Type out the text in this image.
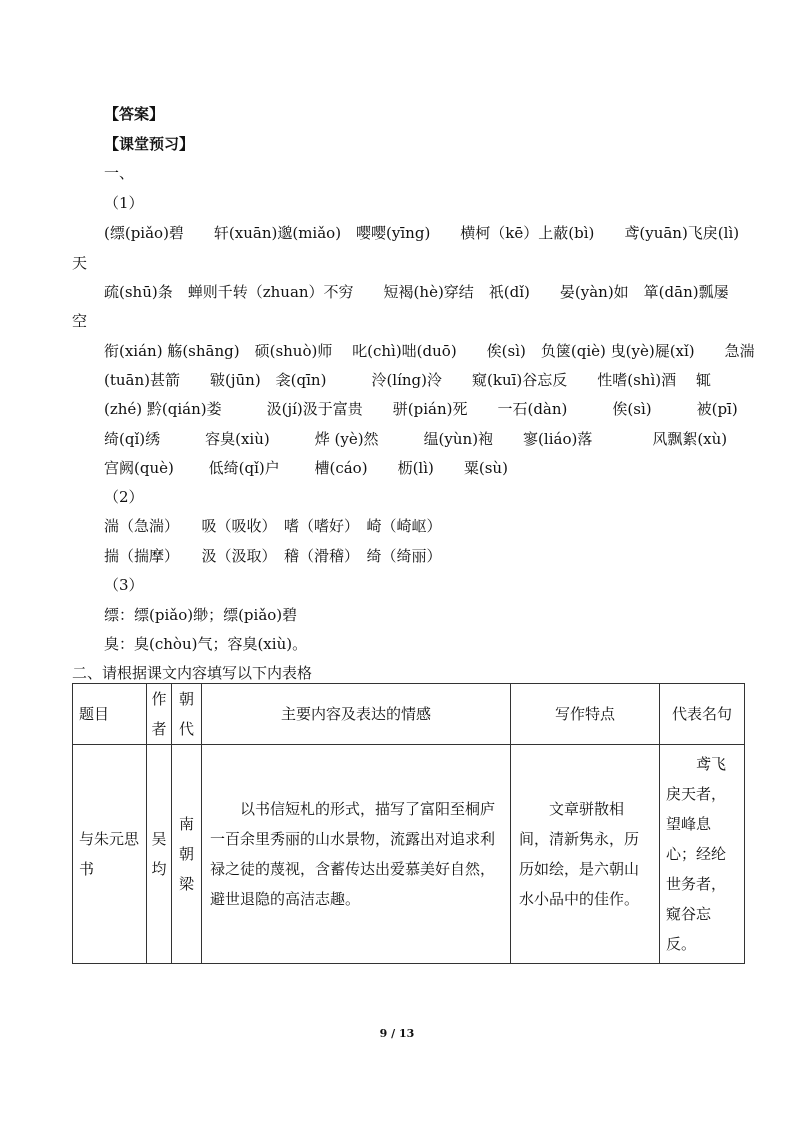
【答案】
【课堂预习】
一、
（1）
(缥(piǎo)碧　　轩(xuān)邈(miǎo)　嘤嘤(yīng)　　横柯（kē）上蔽(bì)　　鸢(yuān)飞戾(lì)
天
疏(shū)条　蝉则千转（zhuan）不穷　　短褐(hè)穿结　祇(dǐ)　　晏(yàn)如　箪(dān)瓢屡
空
衔(xián) 觞(shāng)　硕(shuò)师　 叱(chì)咄(duō)　　俟(sì)　负箧(qiè) 曳(yè)屣(xǐ)　　急湍
(tuān)甚箭　　皲(jūn)　衾(qīn)　　　泠(líng)泠　　窥(kuī)谷忘反　　性嗜(shì)酒　 辄
(zhé) 黔(qián)娄　　　汲(jí)汲于富贵　　骈(pián)死　　一石(dàn)　　　俟(sì)　　　被(pī)
绮(qǐ)绣　　　容臭(xiù)　　　烨 (yè)然　　　缊(yùn)袍　　寥(liáo)落　　　　风飘絮(xù)
宫阙(què)　　 低绮(qǐ)户　　 槽(cáo)　　枥(lì)　　粟(sù)
（2）
湍（急湍）　　吸（吸收）　嗜（嗜好）　崎（崎岖）
揣（揣摩）　　汲（汲取）　稽（滑稽）　绮（绮丽）
（3）
缥：缥(piǎo)缈；缥(piǎo)碧
臭：臭(chòu)气；容臭(xiù)。
二、请根据课文内容填写以下内表格
题目	作者	朝代	主要内容及表达的情感	写作特点	代表名句
与朱元思书	吴均	南朝梁	以书信短札的形式，描写了富阳至桐庐一百余里秀丽的山水景物，流露出对追求利禄之徒的蔑视，含蓄传达出爱慕美好自然，避世退隐的高洁志趣。	文章骈散相间，清新隽永，历历如绘，是六朝山水小品中的佳作。	鸢飞戾天者，望峰息心；经纶世务者，窥谷忘反。
9 / 13
